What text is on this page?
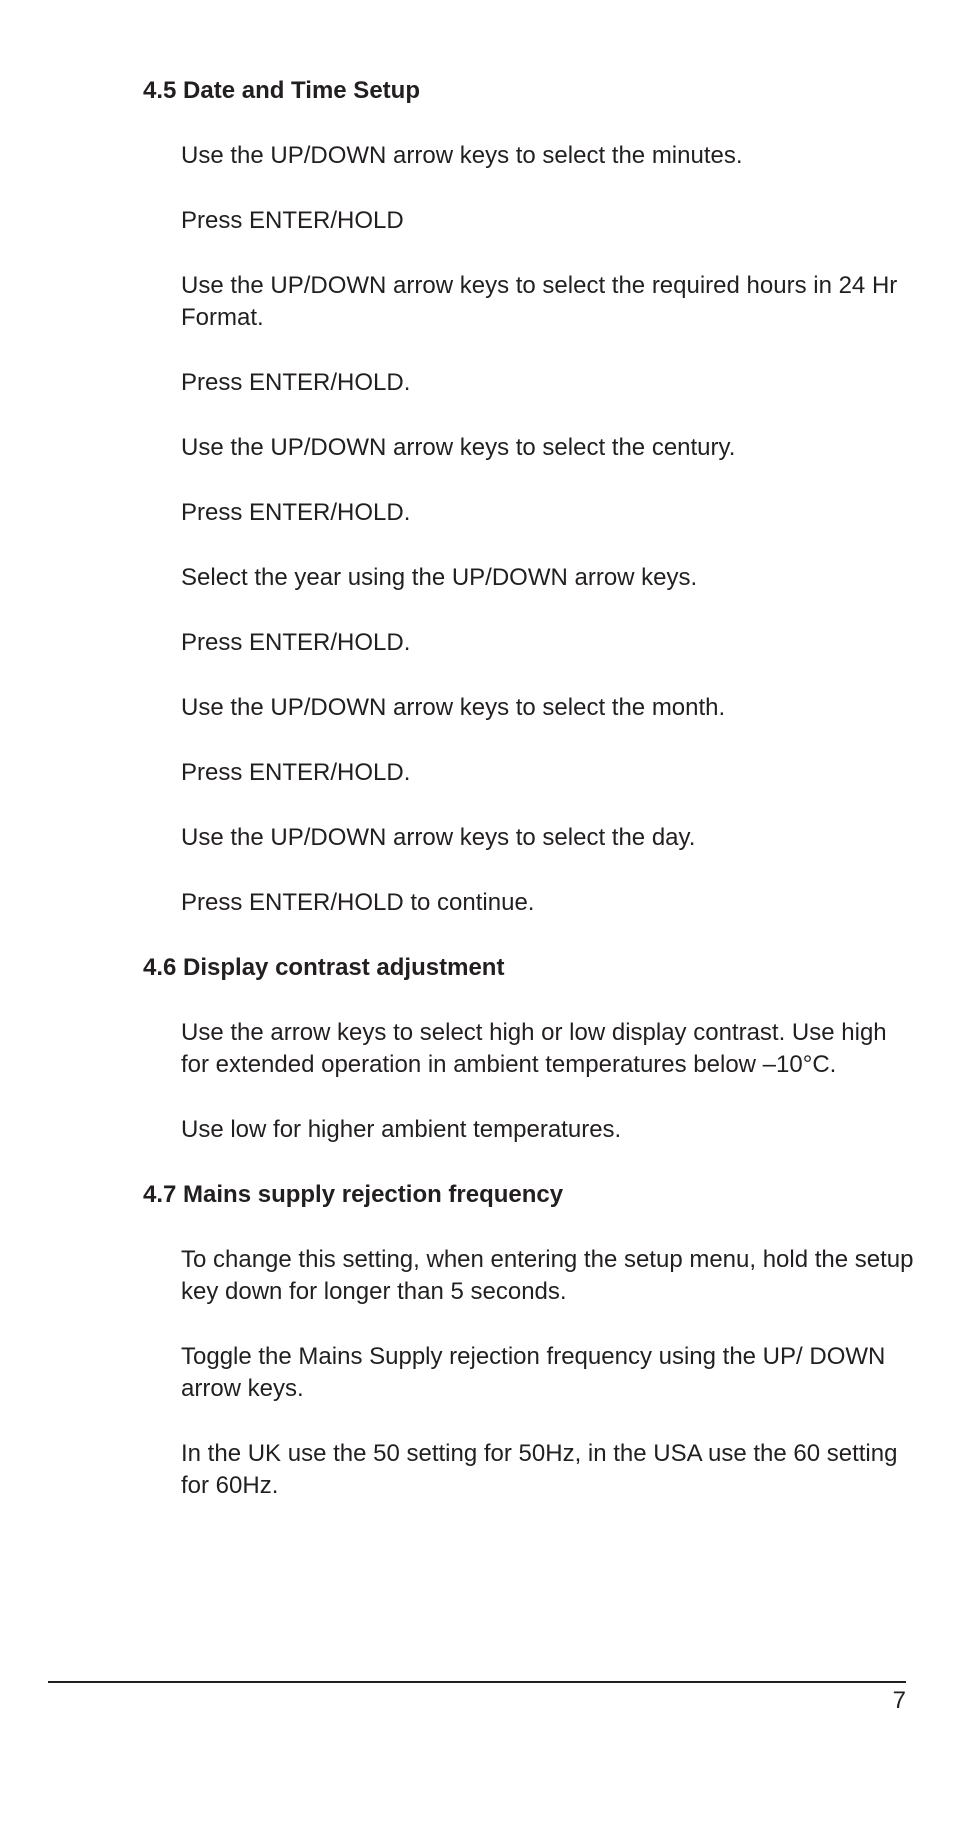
4.5 Date and Time Setup
Use the UP/DOWN arrow keys to select the minutes.
Press ENTER/HOLD
Use the UP/DOWN arrow keys to select the required hours in 24 Hr Format.
Press ENTER/HOLD.
Use the UP/DOWN arrow keys to select the century.
Press ENTER/HOLD.
Select the year using the UP/DOWN arrow keys.
Press ENTER/HOLD.
Use the UP/DOWN arrow keys to select the month.
Press ENTER/HOLD.
Use the UP/DOWN arrow keys to select the day.
Press ENTER/HOLD to continue.
4.6 Display contrast adjustment
Use the arrow keys to select high or low display contrast. Use high for extended operation in ambient temperatures below –10°C.
Use low for higher ambient temperatures.
4.7 Mains supply rejection frequency
To change this setting, when entering the setup menu, hold the setup key down for longer than 5 seconds.
Toggle the Mains Supply rejection frequency using the UP/ DOWN arrow keys.
In the UK use the 50 setting for 50Hz, in the USA use the 60 setting for 60Hz.
7
